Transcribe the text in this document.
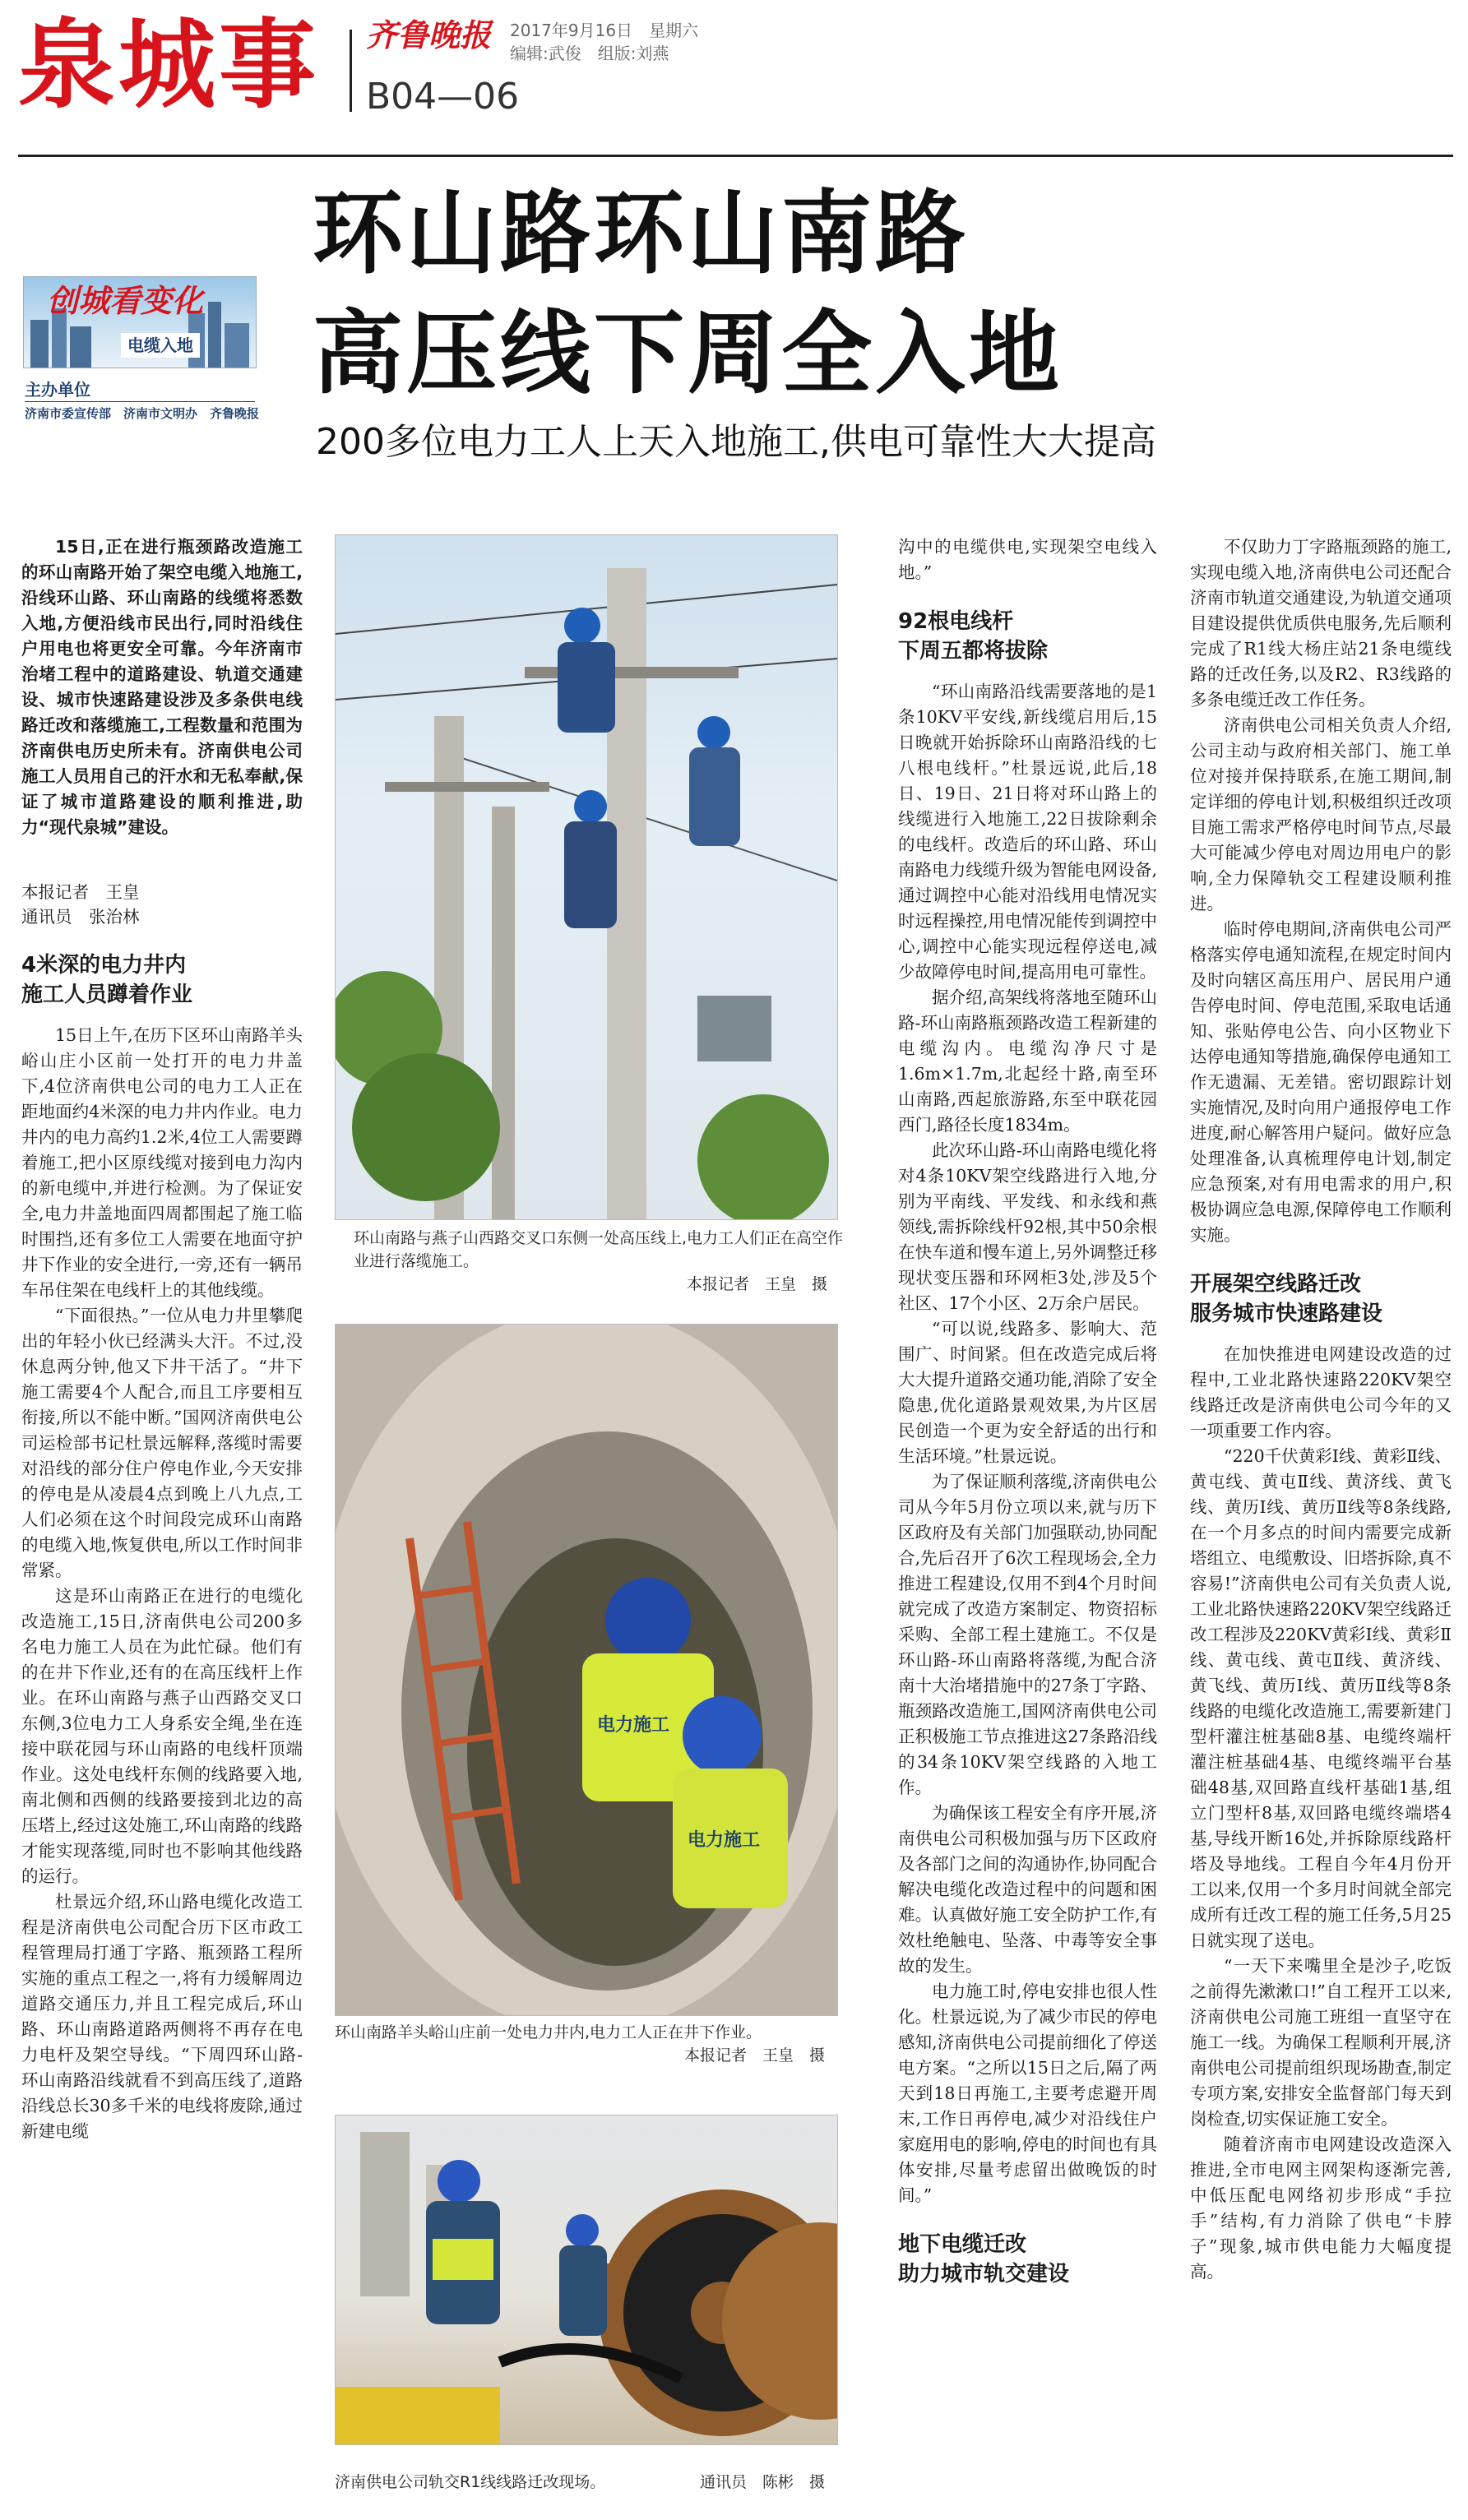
泉城事 齐鲁晚报 2017年9月16日　星期六
编辑:武俊　组版:刘燕
B04—06
创城看变化
电缆入地
主办单位
济南市委宣传部　济南市文明办　齐鲁晚报
环山路环山南路
高压线下周全入地
200多位电力工人上天入地施工,供电可靠性大大提高

15日,正在进行瓶颈路改造施工的环山南路开始了架空电缆入地施工,沿线环山路、环山南路的线缆将悉数入地,方便沿线市民出行,同时沿线住户用电也将更安全可靠。今年济南市治堵工程中的道路建设、轨道交通建设、城市快速路建设涉及多条供电线路迁改和落缆施工,工程数量和范围为济南供电历史所未有。济南供电公司施工人员用自己的汗水和无私奉献,保证了城市道路建设的顺利推进,助力“现代泉城”建设。

本报记者　王皇
通讯员　张治林
4米深的电力井内
施工人员蹲着作业

15日上午,在历下区环山南路羊头峪山庄小区前一处打开的电力井盖下,4位济南供电公司的电力工人正在距地面约4米深的电力井内作业。电力井内的电力高约1.2米,4位工人需要蹲着施工,把小区原线缆对接到电力沟内的新电缆中,并进行检测。为了保证安全,电力井盖地面四周都围起了施工临时围挡,还有多位工人需要在地面守护井下作业的安全进行,一旁,还有一辆吊车吊住架在电线杆上的其他线缆。

“下面很热。”一位从电力井里攀爬出的年轻小伙已经满头大汗。不过,没休息两分钟,他又下井干活了。“井下施工需要4个人配合,而且工序要相互衔接,所以不能中断。”国网济南供电公司运检部书记杜景远解释,落缆时需要对沿线的部分住户停电作业,今天安排的停电是从凌晨4点到晚上八九点,工人们必须在这个时间段完成环山南路的电缆入地,恢复供电,所以工作时间非常紧。

这是环山南路正在进行的电缆化改造施工,15日,济南供电公司200多名电力施工人员在为此忙碌。他们有的在井下作业,还有的在高压线杆上作业。在环山南路与燕子山西路交叉口东侧,3位电力工人身系安全绳,坐在连接中联花园与环山南路的电线杆顶端作业。这处电线杆东侧的线路要入地,南北侧和西侧的线路要接到北边的高压塔上,经过这处施工,环山南路的线路才能实现落缆,同时也不影响其他线路的运行。

杜景远介绍,环山路电缆化改造工程是济南供电公司配合历下区市政工程管理局打通丁字路、瓶颈路工程所实施的重点工程之一,将有力缓解周边道路交通压力,并且工程完成后,环山路、环山南路道路两侧将不再存在电力电杆及架空导线。“下周四环山路-环山南路沿线就看不到高压线了,道路沿线总长30多千米的电线将废除,通过新建电缆

环山南路与燕子山西路交叉口东侧一处高压线上,电力工人们正在高空作业进行落缆施工。
本报记者　王皇　摄
电力施工
电力施工
环山南路羊头峪山庄前一处电力井内,电力工人正在井下作业。
本报记者　王皇　摄
济南供电公司轨交R1线线路迁改现场。	通讯员　陈彬　摄

沟中的电缆供电,实现架空电线入地。”

92根电线杆
下周五都将拔除

“环山南路沿线需要落地的是1条10KV平安线,新线缆启用后,15日晚就开始拆除环山南路沿线的七八根电线杆。”杜景远说,此后,18日、19日、21日将对环山路上的线缆进行入地施工,22日拔除剩余的电线杆。改造后的环山路、环山南路电力线缆升级为智能电网设备,通过调控中心能对沿线用电情况实时远程操控,用电情况能传到调控中心,调控中心能实现远程停送电,减少故障停电时间,提高用电可靠性。

据介绍,高架线将落地至随环山路-环山南路瓶颈路改造工程新建的电缆沟内。电缆沟净尺寸是1.6m×1.7m,北起经十路,南至环山南路,西起旅游路,东至中联花园西门,路径长度1834m。

此次环山路-环山南路电缆化将对4条10KV架空线路进行入地,分别为平南线、平发线、和永线和燕领线,需拆除线杆92根,其中50余根在快车道和慢车道上,另外调整迁移现状变压器和环网柜3处,涉及5个社区、17个小区、2万余户居民。

“可以说,线路多、影响大、范围广、时间紧。但在改造完成后将大大提升道路交通功能,消除了安全隐患,优化道路景观效果,为片区居民创造一个更为安全舒适的出行和生活环境。”杜景远说。

为了保证顺利落缆,济南供电公司从今年5月份立项以来,就与历下区政府及有关部门加强联动,协同配合,先后召开了6次工程现场会,全力推进工程建设,仅用不到4个月时间就完成了改造方案制定、物资招标采购、全部工程土建施工。不仅是环山路-环山南路将落缆,为配合济南十大治堵措施中的27条丁字路、瓶颈路改造施工,国网济南供电公司正积极施工节点推进这27条路沿线的34条10KV架空线路的入地工作。

为确保该工程安全有序开展,济南供电公司积极加强与历下区政府及各部门之间的沟通协作,协同配合解决电缆化改造过程中的问题和困难。认真做好施工安全防护工作,有效杜绝触电、坠落、中毒等安全事故的发生。

电力施工时,停电安排也很人性化。杜景远说,为了减少市民的停电感知,济南供电公司提前细化了停送电方案。“之所以15日之后,隔了两天到18日再施工,主要考虑避开周末,工作日再停电,减少对沿线住户家庭用电的影响,停电的时间也有具体安排,尽量考虑留出做晚饭的时间。”

地下电缆迁改
助力城市轨交建设

不仅助力丁字路瓶颈路的施工,实现电缆入地,济南供电公司还配合济南市轨道交通建设,为轨道交通项目建设提供优质供电服务,先后顺利完成了R1线大杨庄站21条电缆线路的迁改任务,以及R2、R3线路的多条电缆迁改工作任务。

济南供电公司相关负责人介绍,公司主动与政府相关部门、施工单位对接并保持联系,在施工期间,制定详细的停电计划,积极组织迁改项目施工需求严格停电时间节点,尽最大可能减少停电对周边用电户的影响,全力保障轨交工程建设顺利推进。

临时停电期间,济南供电公司严格落实停电通知流程,在规定时间内及时向辖区高压用户、居民用户通告停电时间、停电范围,采取电话通知、张贴停电公告、向小区物业下达停电通知等措施,确保停电通知工作无遗漏、无差错。密切跟踪计划实施情况,及时向用户通报停电工作进度,耐心解答用户疑问。做好应急处理准备,认真梳理停电计划,制定应急预案,对有用电需求的用户,积极协调应急电源,保障停电工作顺利实施。

开展架空线路迁改
服务城市快速路建设

在加快推进电网建设改造的过程中,工业北路快速路220KV架空线路迁改是济南供电公司今年的又一项重要工作内容。

“220千伏黄彩Ⅰ线、黄彩Ⅱ线、黄屯线、黄屯Ⅱ线、黄济线、黄飞线、黄历Ⅰ线、黄历Ⅱ线等8条线路,在一个月多点的时间内需要完成新塔组立、电缆敷设、旧塔拆除,真不容易!”济南供电公司有关负责人说,工业北路快速路220KV架空线路迁改工程涉及220KV黄彩Ⅰ线、黄彩Ⅱ线、黄屯线、黄屯Ⅱ线、黄济线、黄飞线、黄历Ⅰ线、黄历Ⅱ线等8条线路的电缆化改造施工,需要新建门型杆灌注桩基础8基、电缆终端杆灌注桩基础4基、电缆终端平台基础48基,双回路直线杆基础1基,组立门型杆8基,双回路电缆终端塔4基,导线开断16处,并拆除原线路杆塔及导地线。工程自今年4月份开工以来,仅用一个多月时间就全部完成所有迁改工程的施工任务,5月25日就实现了送电。

“一天下来嘴里全是沙子,吃饭之前得先漱漱口!”自工程开工以来,济南供电公司施工班组一直坚守在施工一线。为确保工程顺利开展,济南供电公司提前组织现场勘查,制定专项方案,安排安全监督部门每天到岗检查,切实保证施工安全。

随着济南市电网建设改造深入推进,全市电网主网架构逐渐完善,中低压配电网络初步形成“手拉手”结构,有力消除了供电“卡脖子”现象,城市供电能力大幅度提高。
